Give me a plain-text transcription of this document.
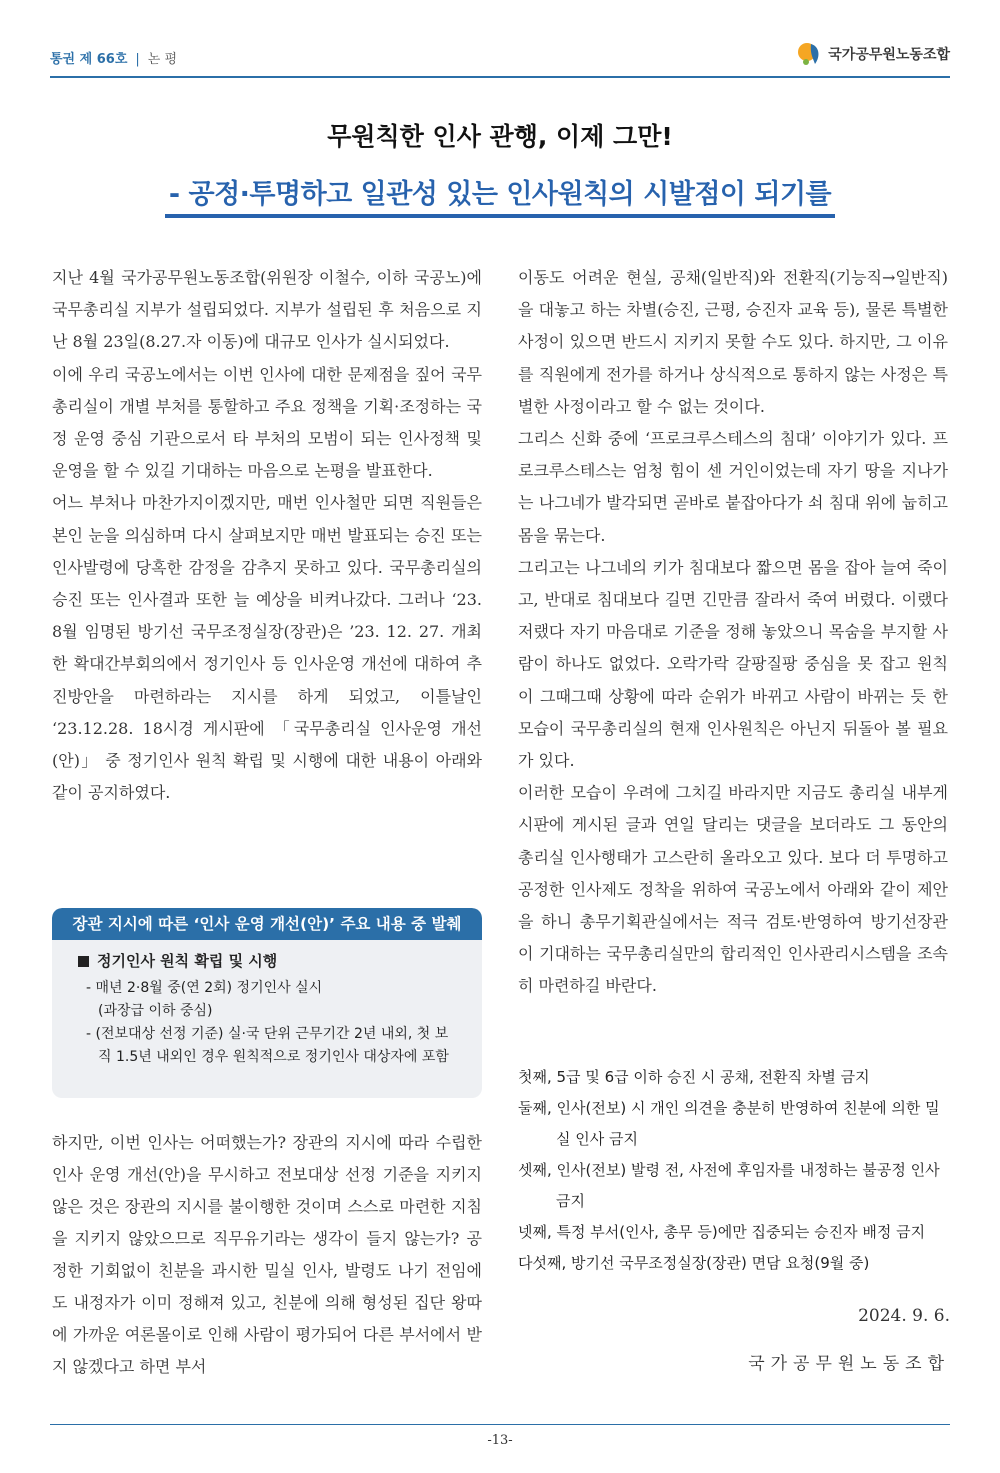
통권 제 66호 | 논 평	국가공무원노동조합
무원칙한 인사 관행, 이제 그만!
- 공정·투명하고 일관성 있는 인사원칙의 시발점이 되기를

지난 4월 국가공무원노동조합(위원장 이철수, 이하 국공노)에 국무총리실 지부가 설립되었다. 지부가 설립된 후 처음으로 지난 8월 23일(8.27.자 이동)에 대규모 인사가 실시되었다.

이에 우리 국공노에서는 이번 인사에 대한 문제점을 짚어 국무총리실이 개별 부처를 통할하고 주요 정책을 기획·조정하는 국정 운영 중심 기관으로서 타 부처의 모범이 되는 인사정책 및 운영을 할 수 있길 기대하는 마음으로 논평을 발표한다.

어느 부처나 마찬가지이겠지만, 매번 인사철만 되면 직원들은 본인 눈을 의심하며 다시 살펴보지만 매번 발표되는 승진 또는 인사발령에 당혹한 감정을 감추지 못하고 있다. 국무총리실의 승진 또는 인사결과 또한 늘 예상을 비켜나갔다. 그러나 ‘23. 8월 임명된 방기선 국무조정실장(장관)은 ’23. 12. 27. 개최한 확대간부회의에서 정기인사 등 인사운영 개선에 대하여 추진방안을 마련하라는 지시를 하게 되었고, 이틀날인 ‘23.12.28. 18시경 게시판에 「국무총리실 인사운영 개선(안)」 중 정기인사 원칙 확립 및 시행에 대한 내용이 아래와 같이 공지하였다.

장관 지시에 따른 ‘인사 운영 개선(안)’ 주요 내용 중 발췌
정기인사 원칙 확립 및 시행
- 매년 2·8월 중(연 2회) 정기인사 실시
(과장급 이하 중심)
- (전보대상 선정 기준) 실·국 단위 근무기간 2년 내외, 첫 보
직 1.5년 내외인 경우 원칙적으로 정기인사 대상자에 포함

하지만, 이번 인사는 어떠했는가? 장관의 지시에 따라 수립한 인사 운영 개선(안)을 무시하고 전보대상 선정 기준을 지키지 않은 것은 장관의 지시를 불이행한 것이며 스스로 마련한 지침을 지키지 않았으므로 직무유기라는 생각이 들지 않는가? 공정한 기회없이 친분을 과시한 밀실 인사, 발령도 나기 전임에도 내정자가 이미 정해져 있고, 친분에 의해 형성된 집단 왕따에 가까운 여론몰이로 인해 사람이 평가되어 다른 부서에서 받지 않겠다고 하면 부서

이동도 어려운 현실, 공채(일반직)와 전환직(기능직→일반직)을 대놓고 하는 차별(승진, 근평, 승진자 교육 등), 물론 특별한 사정이 있으면 반드시 지키지 못할 수도 있다. 하지만, 그 이유를 직원에게 전가를 하거나 상식적으로 통하지 않는 사정은 특별한 사정이라고 할 수 없는 것이다.

그리스 신화 중에 ‘프로크루스테스의 침대’ 이야기가 있다. 프로크루스테스는 엄청 힘이 센 거인이었는데 자기 땅을 지나가는 나그네가 발각되면 곧바로 붙잡아다가 쇠 침대 위에 눕히고 몸을 묶는다.

그리고는 나그네의 키가 침대보다 짧으면 몸을 잡아 늘여 죽이고, 반대로 침대보다 길면 긴만큼 잘라서 죽여 버렸다. 이랬다저랬다 자기 마음대로 기준을 정해 놓았으니 목숨을 부지할 사람이 하나도 없었다. 오락가락 갈팡질팡 중심을 못 잡고 원칙이 그때그때 상황에 따라 순위가 바뀌고 사람이 바뀌는 듯 한 모습이 국무총리실의 현재 인사원칙은 아닌지 뒤돌아 볼 필요가 있다.

이러한 모습이 우려에 그치길 바라지만 지금도 총리실 내부게시판에 게시된 글과 연일 달리는 댓글을 보더라도 그 동안의 총리실 인사행태가 고스란히 올라오고 있다. 보다 더 투명하고 공정한 인사제도 정착을 위하여 국공노에서 아래와 같이 제안을 하니 총무기획관실에서는 적극 검토·반영하여 방기선장관이 기대하는 국무총리실만의 합리적인 인사관리시스템을 조속히 마련하길 바란다.

첫째, 5급 및 6급 이하 승진 시 공채, 전환직 차별 금지
둘째, 인사(전보) 시 개인 의견을 충분히 반영하여 친분에 의한 밀실 인사 금지
셋째, 인사(전보) 발령 전, 사전에 후임자를 내정하는 불공정 인사 금지
넷째, 특정 부서(인사, 총무 등)에만 집중되는 승진자 배정 금지
다섯째, 방기선 국무조정실장(장관) 면담 요청(9월 중)
2024. 9. 6.
국가공무원노동조합
-13-
